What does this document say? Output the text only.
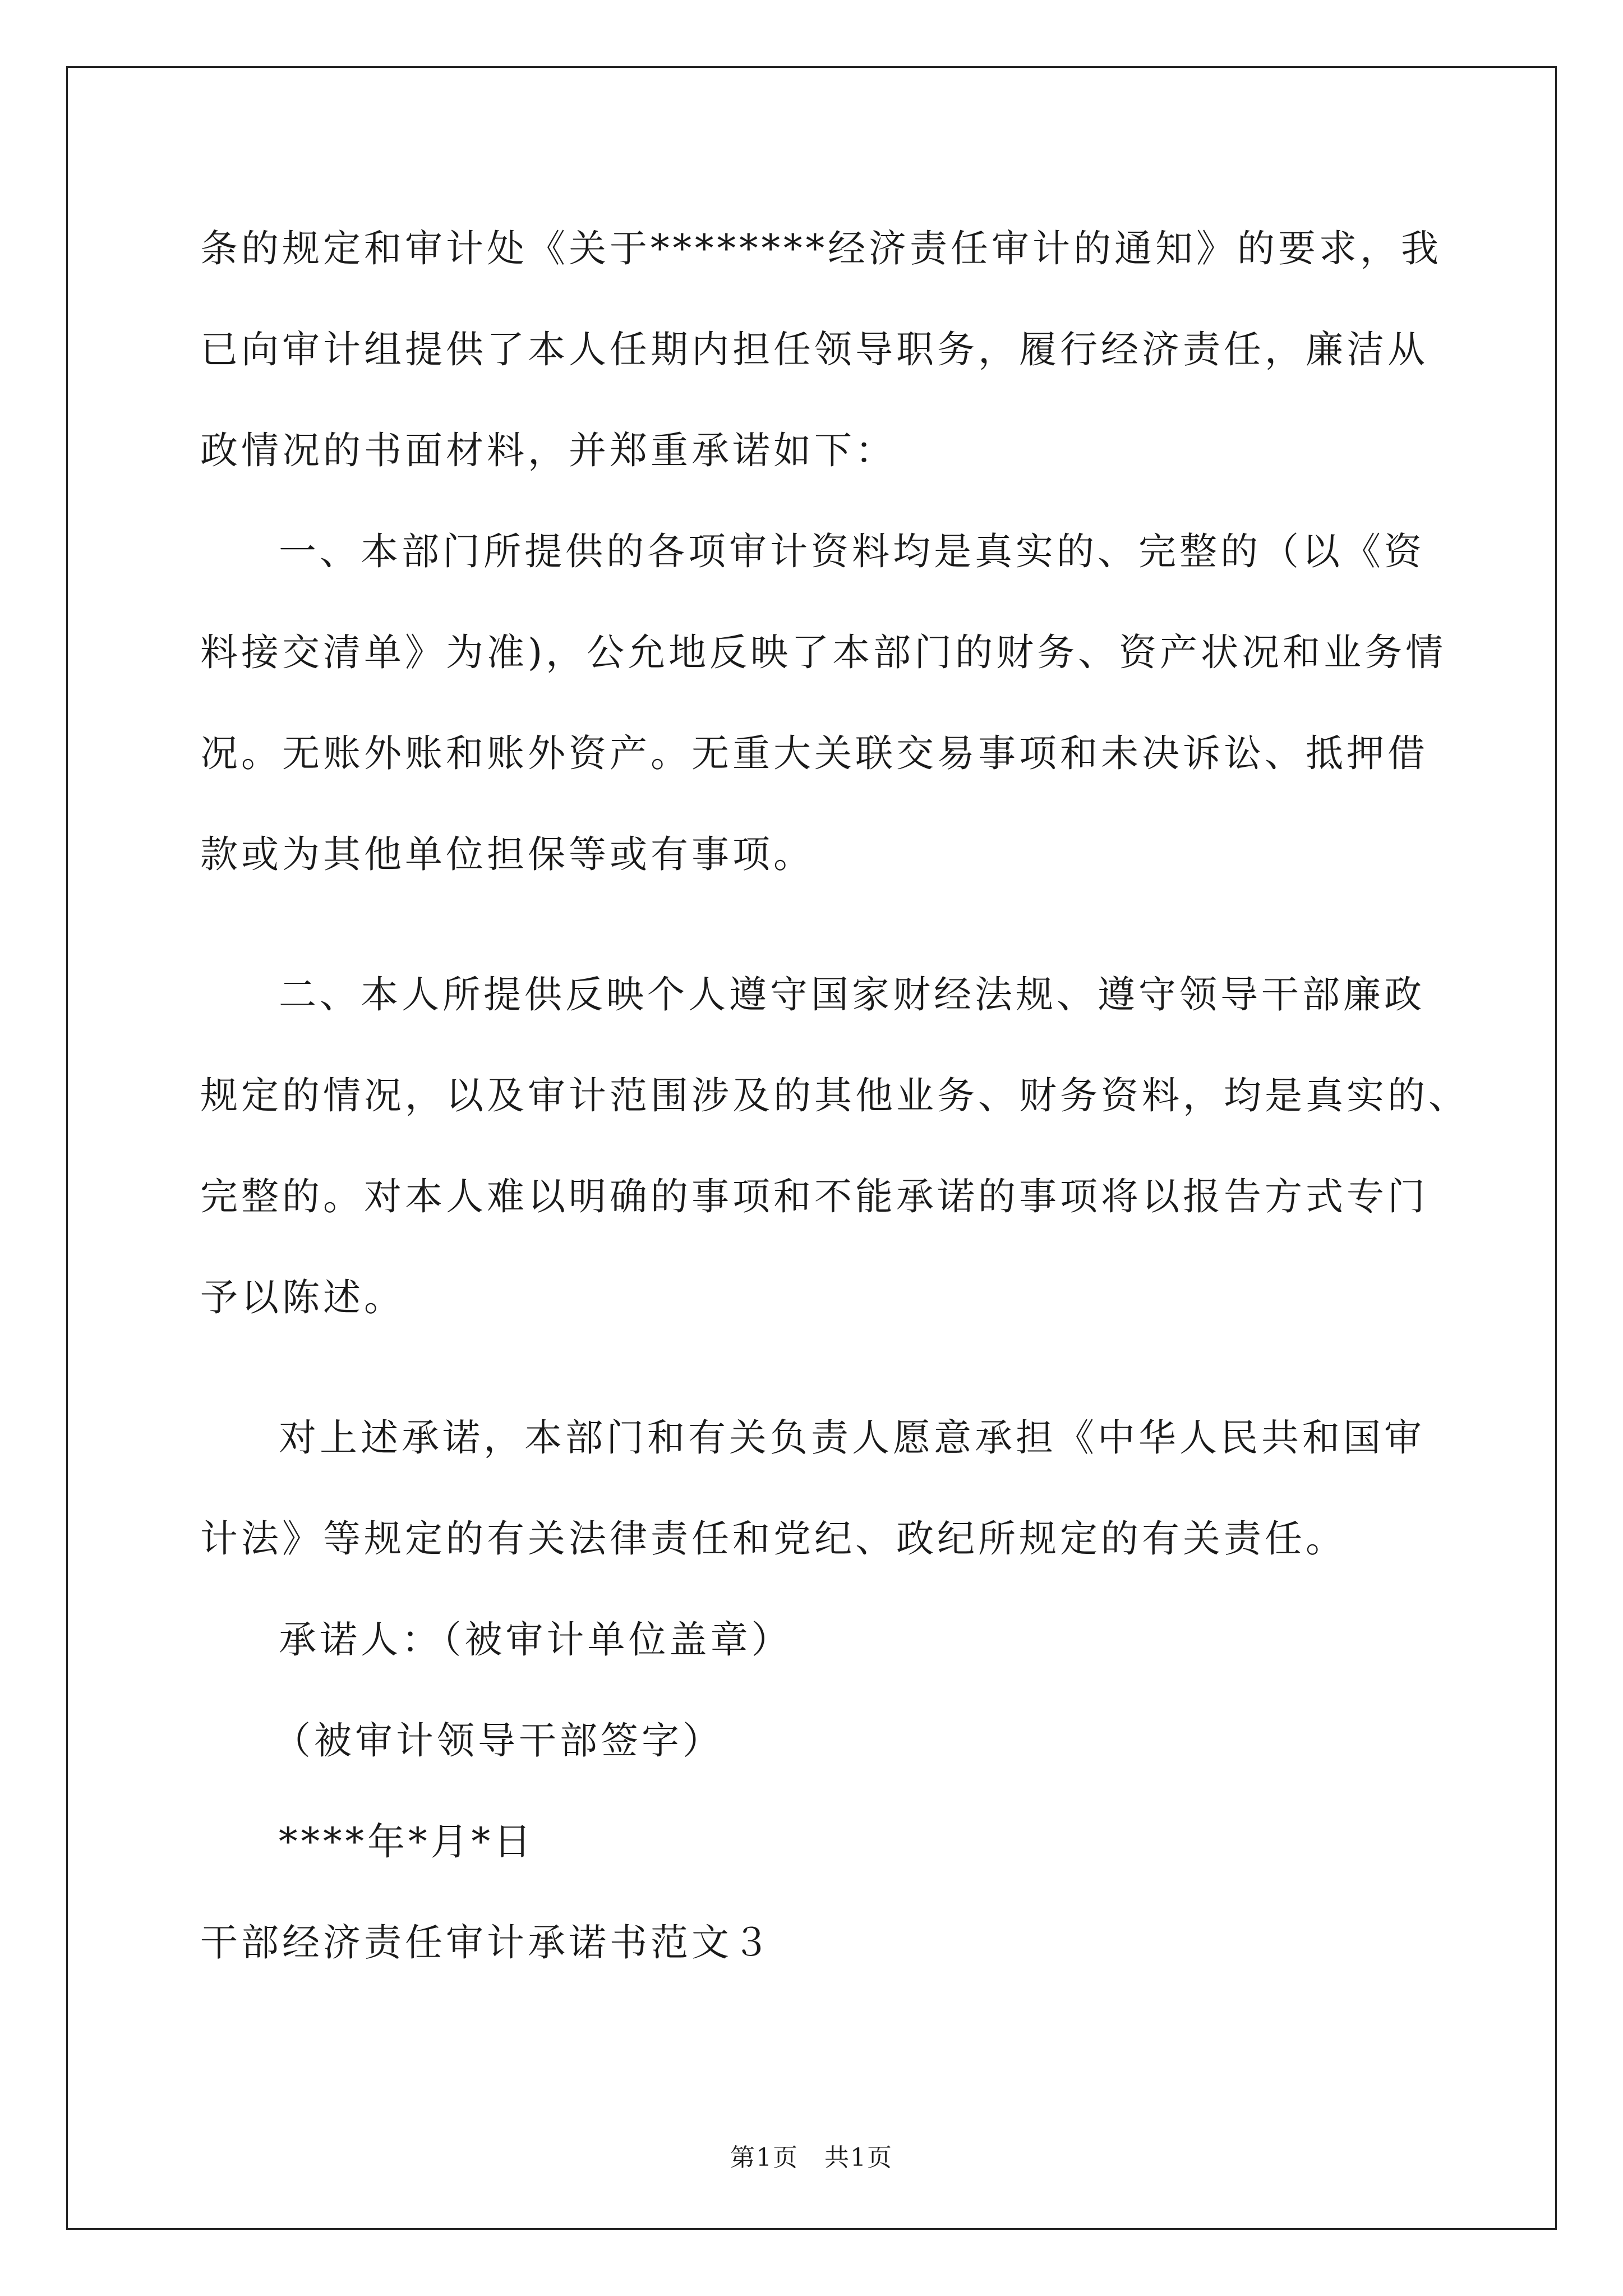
条的规定和审计处《关于********经济责任审计的通知》的要求，我
已向审计组提供了本人任期内担任领导职务，履行经济责任，廉洁从
政情况的书面材料，并郑重承诺如下：
一、本部门所提供的各项审计资料均是真实的、完整的（以《资
料接交清单》为准)，公允地反映了本部门的财务、资产状况和业务情
况。无账外账和账外资产。无重大关联交易事项和未决诉讼、抵押借
款或为其他单位担保等或有事项。
二、本人所提供反映个人遵守国家财经法规、遵守领导干部廉政
规定的情况，以及审计范围涉及的其他业务、财务资料，均是真实的、
完整的。对本人难以明确的事项和不能承诺的事项将以报告方式专门
予以陈述。
对上述承诺，本部门和有关负责人愿意承担《中华人民共和国审
计法》等规定的有关法律责任和党纪、政纪所规定的有关责任。
承诺人：（被审计单位盖章）
（被审计领导干部签字）
****年*月*日
干部经济责任审计承诺书范文３
第1页　共1页
